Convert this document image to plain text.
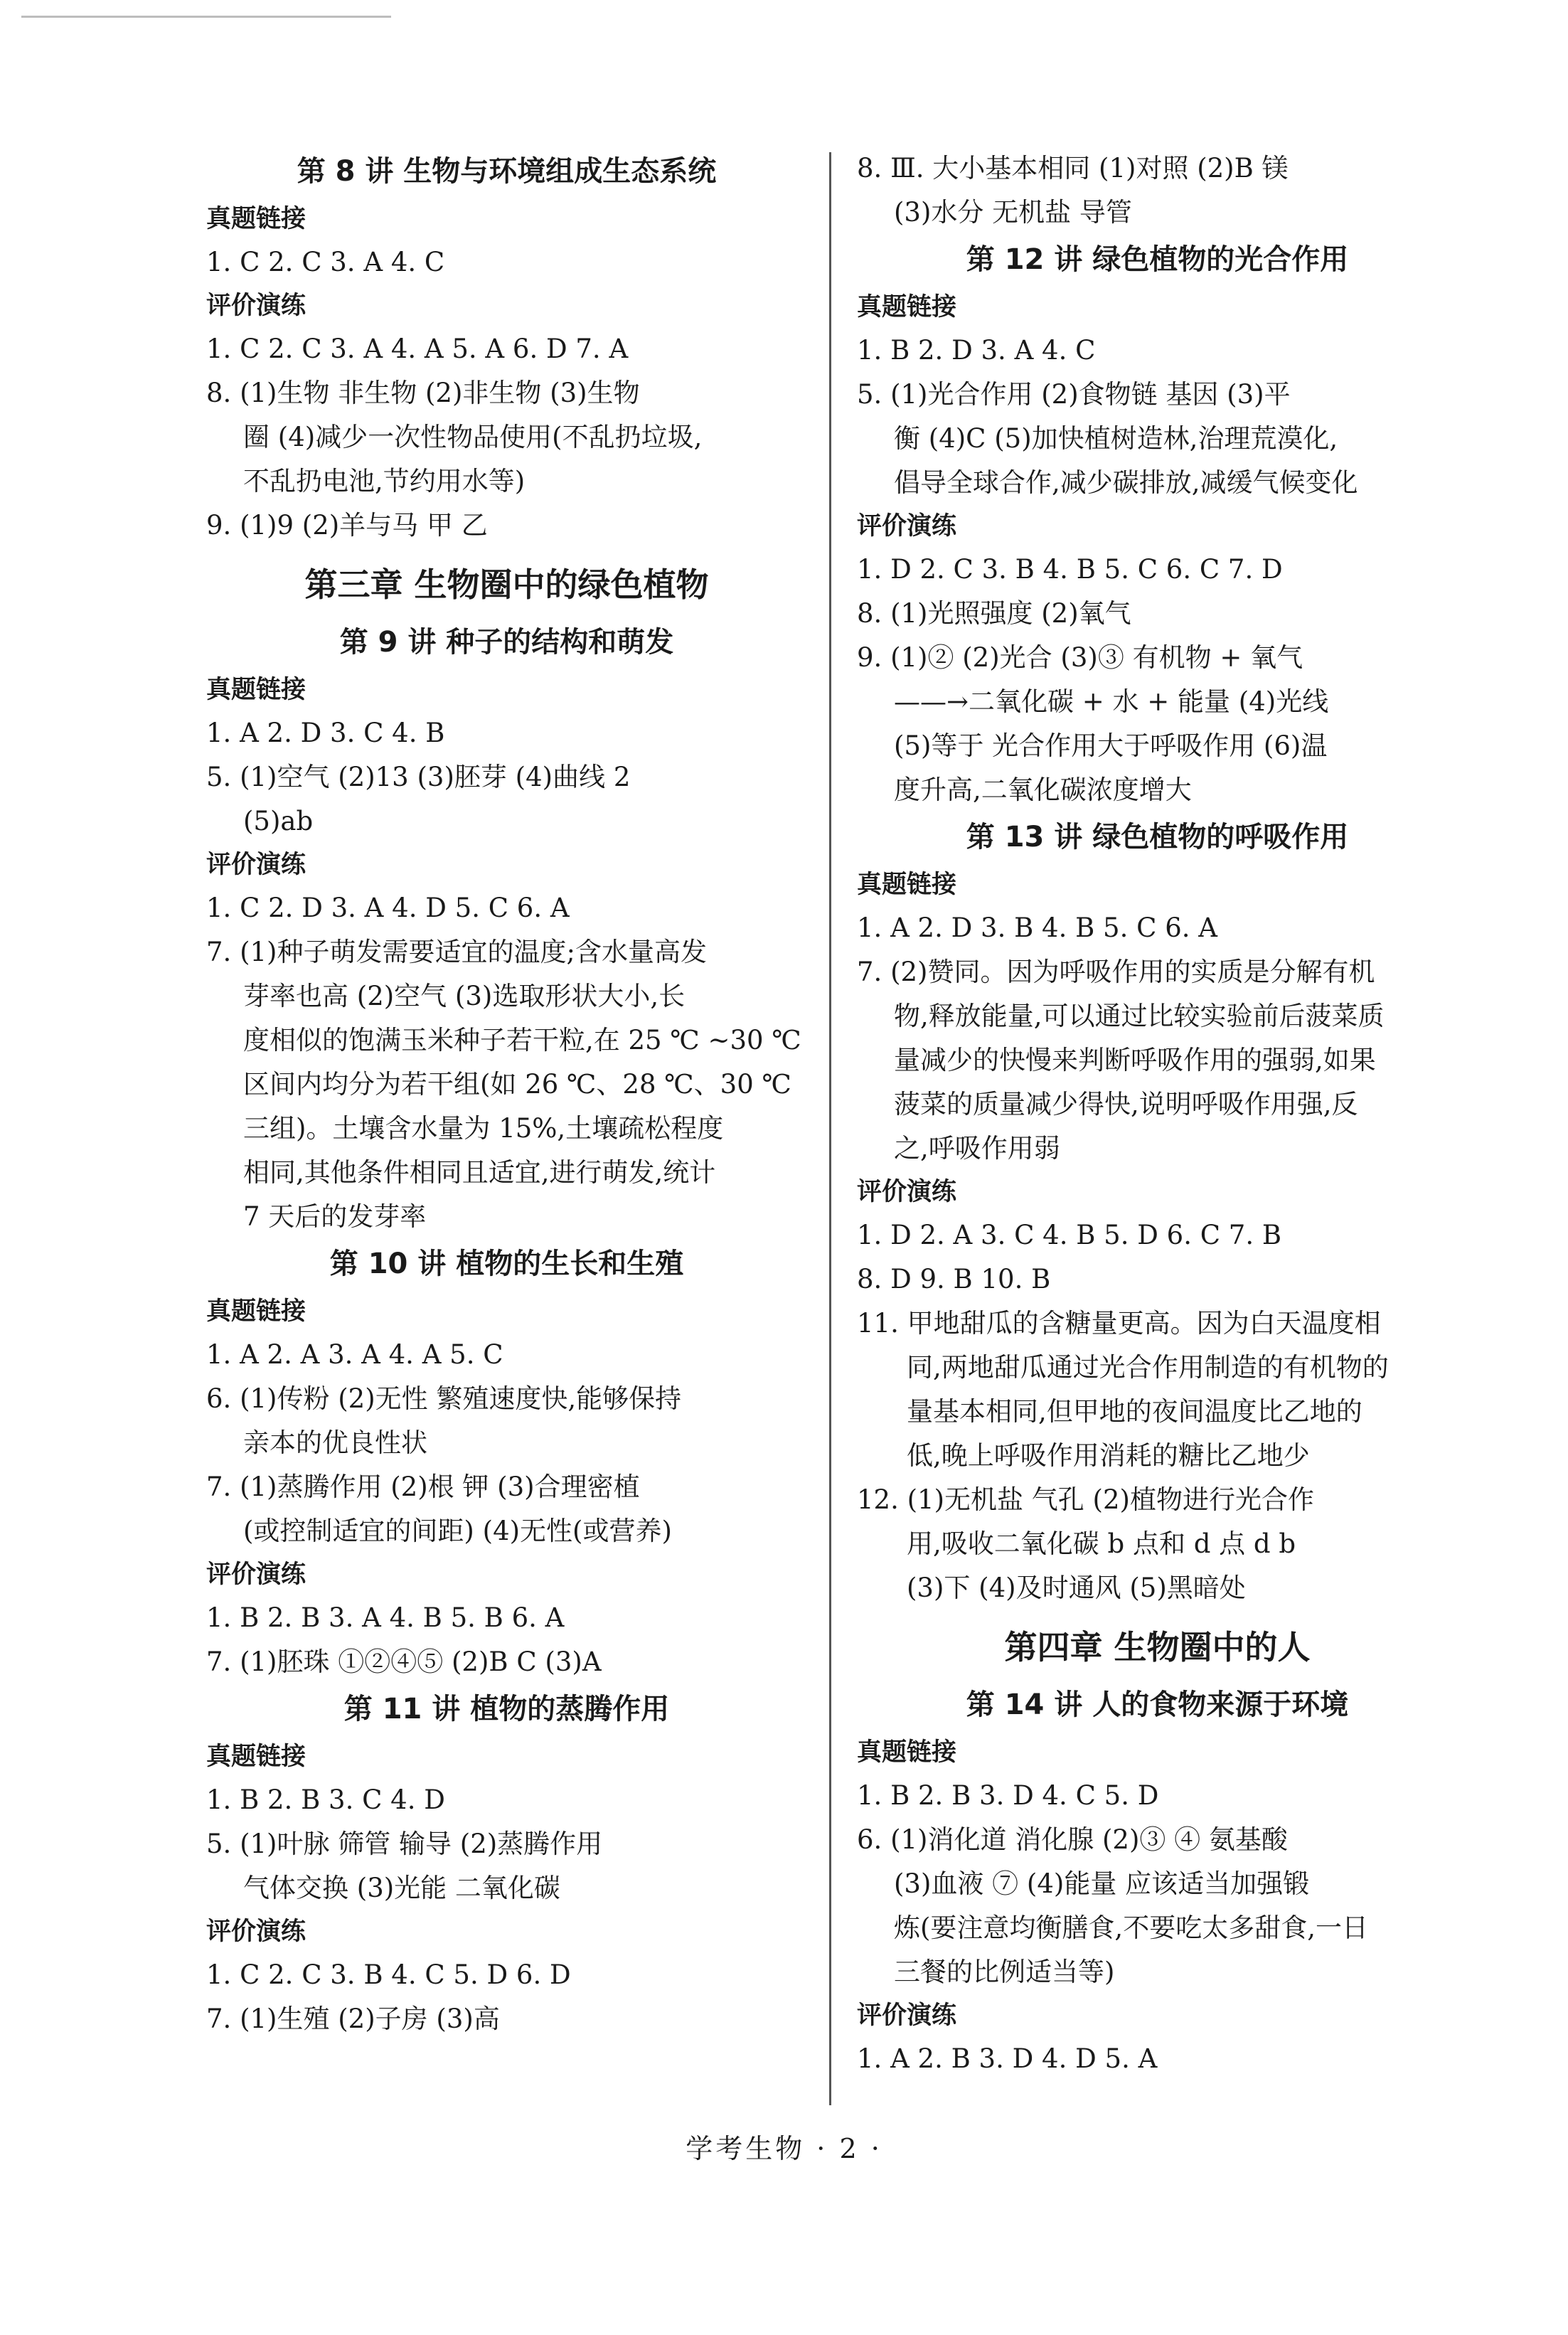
第 8 讲 生物与环境组成生态系统
真题链接
1. C 2. C 3. A 4. C
评价演练
1. C 2. C 3. A 4. A 5. A 6. D 7. A
8. (1)生物 非生物 (2)非生物 (3)生物
圈 (4)减少一次性物品使用(不乱扔垃圾,
不乱扔电池,节约用水等)
9. (1)9 (2)羊与马 甲 乙
第三章 生物圈中的绿色植物
第 9 讲 种子的结构和萌发
真题链接
1. A 2. D 3. C 4. B
5. (1)空气 (2)13 (3)胚芽 (4)曲线 2
(5)ab
评价演练
1. C 2. D 3. A 4. D 5. C 6. A
7. (1)种子萌发需要适宜的温度;含水量高发
芽率也高 (2)空气 (3)选取形状大小,长
度相似的饱满玉米种子若干粒,在 25 ℃ ~30 ℃
区间内均分为若干组(如 26 ℃、28 ℃、30 ℃
三组)。土壤含水量为 15%,土壤疏松程度
相同,其他条件相同且适宜,进行萌发,统计
7 天后的发芽率
第 10 讲 植物的生长和生殖
真题链接
1. A 2. A 3. A 4. A 5. C
6. (1)传粉 (2)无性 繁殖速度快,能够保持
亲本的优良性状
7. (1)蒸腾作用 (2)根 钾 (3)合理密植
(或控制适宜的间距) (4)无性(或营养)
评价演练
1. B 2. B 3. A 4. B 5. B 6. A
7. (1)胚珠 ①②④⑤ (2)B C (3)A
第 11 讲 植物的蒸腾作用
真题链接
1. B 2. B 3. C 4. D
5. (1)叶脉 筛管 输导 (2)蒸腾作用
气体交换 (3)光能 二氧化碳
评价演练
1. C 2. C 3. B 4. C 5. D 6. D
7. (1)生殖 (2)子房 (3)高
8. Ⅲ. 大小基本相同 (1)对照 (2)B 镁
(3)水分 无机盐 导管
第 12 讲 绿色植物的光合作用
真题链接
1. B 2. D 3. A 4. C
5. (1)光合作用 (2)食物链 基因 (3)平
衡 (4)C (5)加快植树造林,治理荒漠化,
倡导全球合作,减少碳排放,减缓气候变化
评价演练
1. D 2. C 3. B 4. B 5. C 6. C 7. D
8. (1)光照强度 (2)氧气
9. (1)② (2)光合 (3)③ 有机物 + 氧气
——→二氧化碳 + 水 + 能量 (4)光线
(5)等于 光合作用大于呼吸作用 (6)温
度升高,二氧化碳浓度增大
第 13 讲 绿色植物的呼吸作用
真题链接
1. A 2. D 3. B 4. B 5. C 6. A
7. (2)赞同。因为呼吸作用的实质是分解有机
物,释放能量,可以通过比较实验前后菠菜质
量减少的快慢来判断呼吸作用的强弱,如果
菠菜的质量减少得快,说明呼吸作用强,反
之,呼吸作用弱
评价演练
1. D 2. A 3. C 4. B 5. D 6. C 7. B
8. D 9. B 10. B
11. 甲地甜瓜的含糖量更高。因为白天温度相
同,两地甜瓜通过光合作用制造的有机物的
量基本相同,但甲地的夜间温度比乙地的
低,晚上呼吸作用消耗的糖比乙地少
12. (1)无机盐 气孔 (2)植物进行光合作
用,吸收二氧化碳 b 点和 d 点 d b
(3)下 (4)及时通风 (5)黑暗处
第四章 生物圈中的人
第 14 讲 人的食物来源于环境
真题链接
1. B 2. B 3. D 4. C 5. D
6. (1)消化道 消化腺 (2)③ ④ 氨基酸
(3)血液 ⑦ (4)能量 应该适当加强锻
炼(要注意均衡膳食,不要吃太多甜食,一日
三餐的比例适当等)
评价演练
1. A 2. B 3. D 4. D 5. A
学考生物 · 2 ·
